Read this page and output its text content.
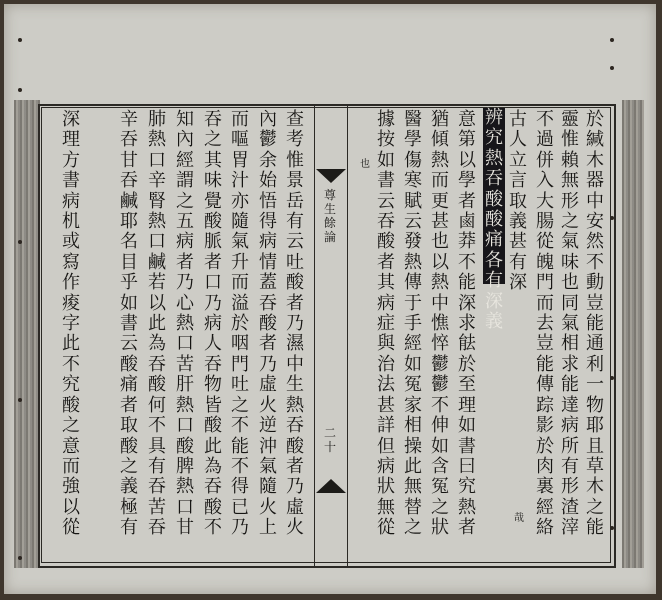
尊生餘論
二十
於緘木器中安然不動豈能通利一物耶且草木之能
靈惟賴無形之氣味也同氣相求能達病所有形渣滓
不過併入大腸從魄門而去豈能傳踪影於肉裏經絡
古人立言取義甚有深
哉
辨究熱吞酸酸痛各有深義
意第以學者鹵莽不能深求䏻於至理如書曰究熱者
猶傾熱而更甚也以熱中憔悴鬱鬱不伸如含冤之狀
醫學傷寒賦云發熱傳于手經如冤家相操此無替之
據按如書云吞酸者其病症與治法甚詳但病狀無從
也
查考惟景岳有云吐酸者乃濕中生熱吞酸者乃虛火
內鬱余始悟得病情蓋吞酸者乃虛火逆沖氣隨火上
而嘔胃汁亦隨氣升而溢於咽門吐之不能不得已乃
吞之其味覺酸脈者口乃病人吞物皆酸此為吞酸不
知內經謂之五病者乃心熱口苦肝熱口酸脾熱口甘
肺熱口辛腎熱口鹹若以此為吞酸何不具有吞苦吞
辛吞甘吞鹹耶名目乎如書云酸痛者取酸之義極有
深理方書病机或寫作痠字此不究酸之意而強以從
